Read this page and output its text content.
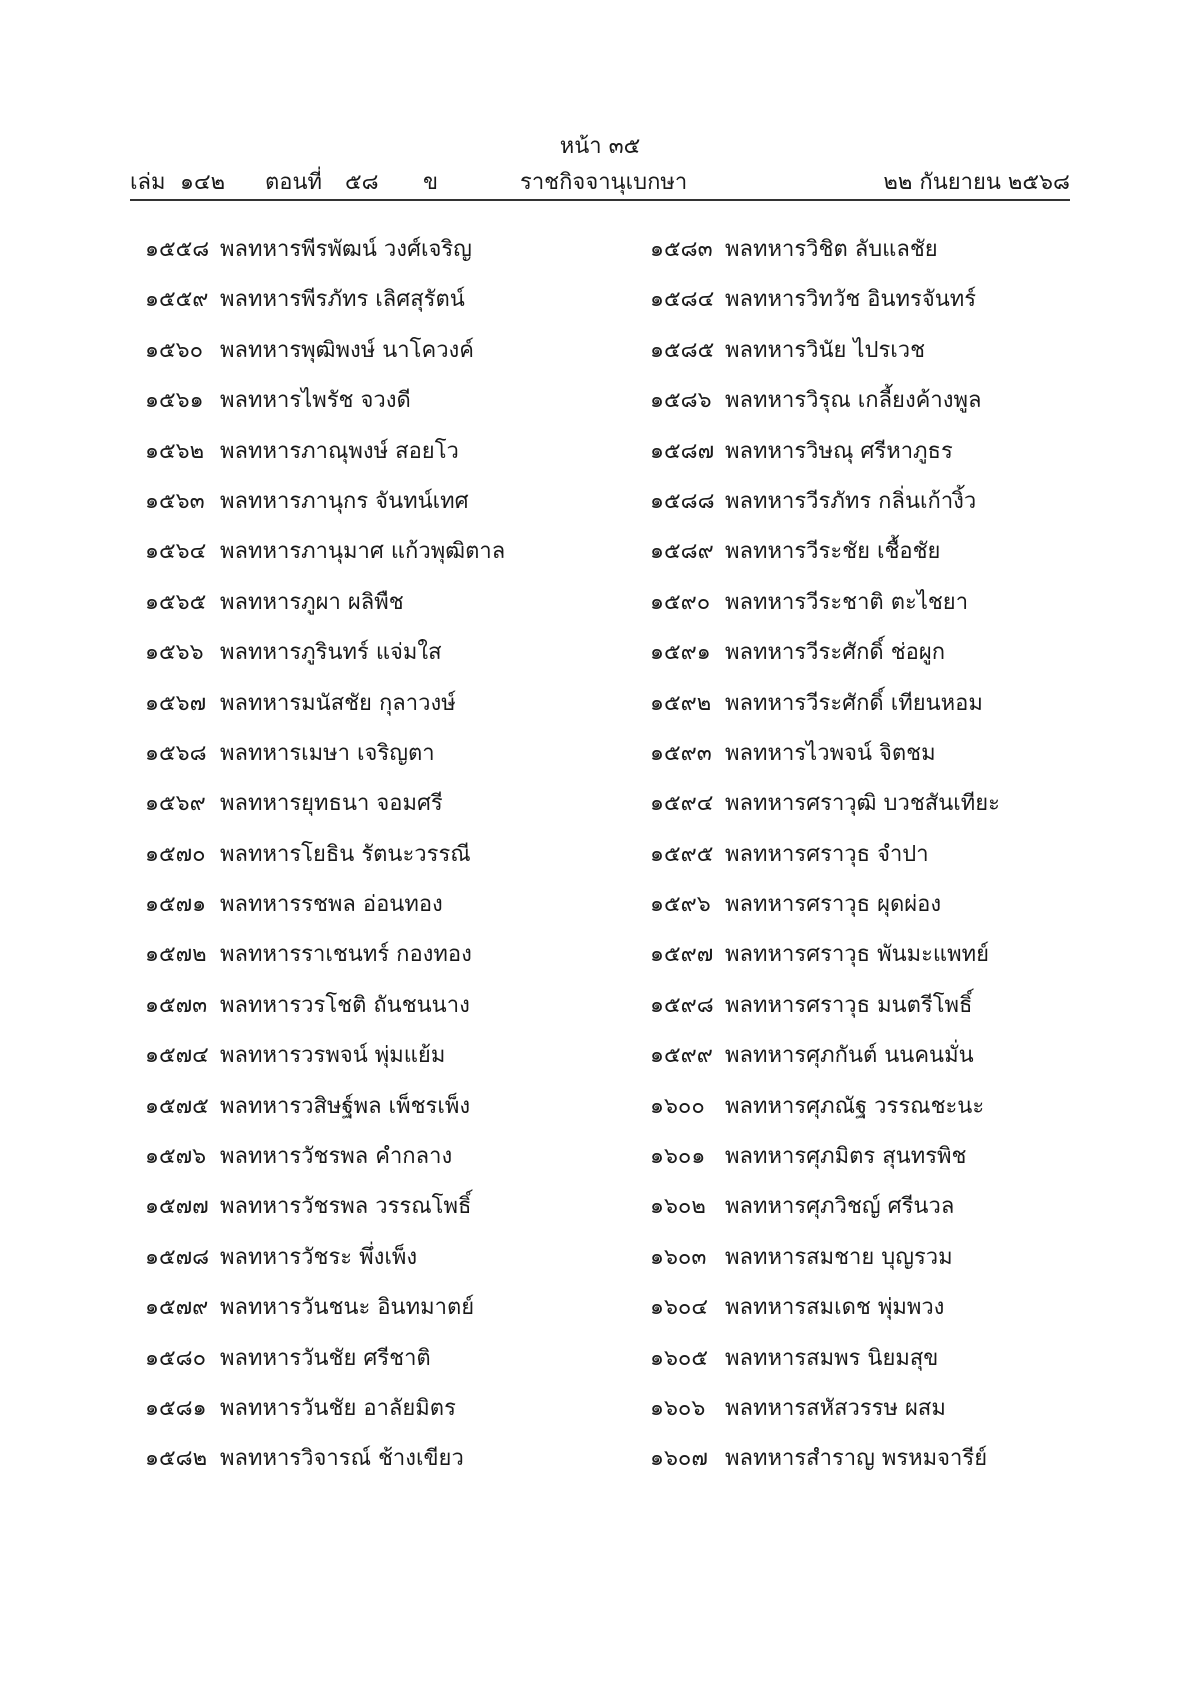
หน้า ๓๕
เล่ม ๑๔๒ ตอนที่ ๕๘ ข	ราชกิจจานุเบกษา	๒๒ กันยายน ๒๕๖๘
๑๕๕๘ พลทหารพีรพัฒน์ วงศ์เจริญ
๑๕๕๙ พลทหารพีรภัทร เลิศสุรัตน์
๑๕๖๐ พลทหารพุฒิพงษ์ นาโควงค์
๑๕๖๑ พลทหารไพรัช จวงดี
๑๕๖๒ พลทหารภาณุพงษ์ สอยโว
๑๕๖๓ พลทหารภานุกร จันทน์เทศ
๑๕๖๔ พลทหารภานุมาศ แก้วพุฒิตาล
๑๕๖๕ พลทหารภูผา ผลิพืช
๑๕๖๖ พลทหารภูรินทร์ แจ่มใส
๑๕๖๗ พลทหารมนัสชัย กุลาวงษ์
๑๕๖๘ พลทหารเมษา เจริญตา
๑๕๖๙ พลทหารยุทธนา จอมศรี
๑๕๗๐ พลทหารโยธิน รัตนะวรรณี
๑๕๗๑ พลทหารรชพล อ่อนทอง
๑๕๗๒ พลทหารราเชนทร์ กองทอง
๑๕๗๓ พลทหารวรโชติ ถันชนนาง
๑๕๗๔ พลทหารวรพจน์ พุ่มแย้ม
๑๕๗๕ พลทหารวสิษฐ์พล เพ็ชรเพ็ง
๑๕๗๖ พลทหารวัชรพล คำกลาง
๑๕๗๗ พลทหารวัชรพล วรรณโพธิ์
๑๕๗๘ พลทหารวัชระ พึ่งเพ็ง
๑๕๗๙ พลทหารวันชนะ อินทมาตย์
๑๕๘๐ พลทหารวันชัย ศรีชาติ
๑๕๘๑ พลทหารวันชัย อาลัยมิตร
๑๕๘๒ พลทหารวิจารณ์ ช้างเขียว
๑๕๘๓ พลทหารวิชิต ลับแลชัย
๑๕๘๔ พลทหารวิทวัช อินทรจันทร์
๑๕๘๕ พลทหารวินัย ไปรเวช
๑๕๘๖ พลทหารวิรุณ เกลี้ยงค้างพูล
๑๕๘๗ พลทหารวิษณุ ศรีหาภูธร
๑๕๘๘ พลทหารวีรภัทร กลิ่นเก้างิ้ว
๑๕๘๙ พลทหารวีระชัย เชื้อชัย
๑๕๙๐ พลทหารวีระชาติ ตะไชยา
๑๕๙๑ พลทหารวีระศักดิ์ ช่อผูก
๑๕๙๒ พลทหารวีระศักดิ์ เทียนหอม
๑๕๙๓ พลทหารไวพจน์ จิตชม
๑๕๙๔ พลทหารศราวุฒิ บวชสันเทียะ
๑๕๙๕ พลทหารศราวุธ จำปา
๑๕๙๖ พลทหารศราวุธ ผุดผ่อง
๑๕๙๗ พลทหารศราวุธ พันมะแพทย์
๑๕๙๘ พลทหารศราวุธ มนตรีโพธิ์
๑๕๙๙ พลทหารศุภกันต์ นนคนมั่น
๑๖๐๐ พลทหารศุภณัฐ วรรณชะนะ
๑๖๐๑ พลทหารศุภมิตร สุนทรพิช
๑๖๐๒ พลทหารศุภวิชญ์ ศรีนวล
๑๖๐๓ พลทหารสมชาย บุญรวม
๑๖๐๔ พลทหารสมเดช พุ่มพวง
๑๖๐๕ พลทหารสมพร นิยมสุข
๑๖๐๖ พลทหารสหัสวรรษ ผสม
๑๖๐๗ พลทหารสำราญ พรหมจารีย์
